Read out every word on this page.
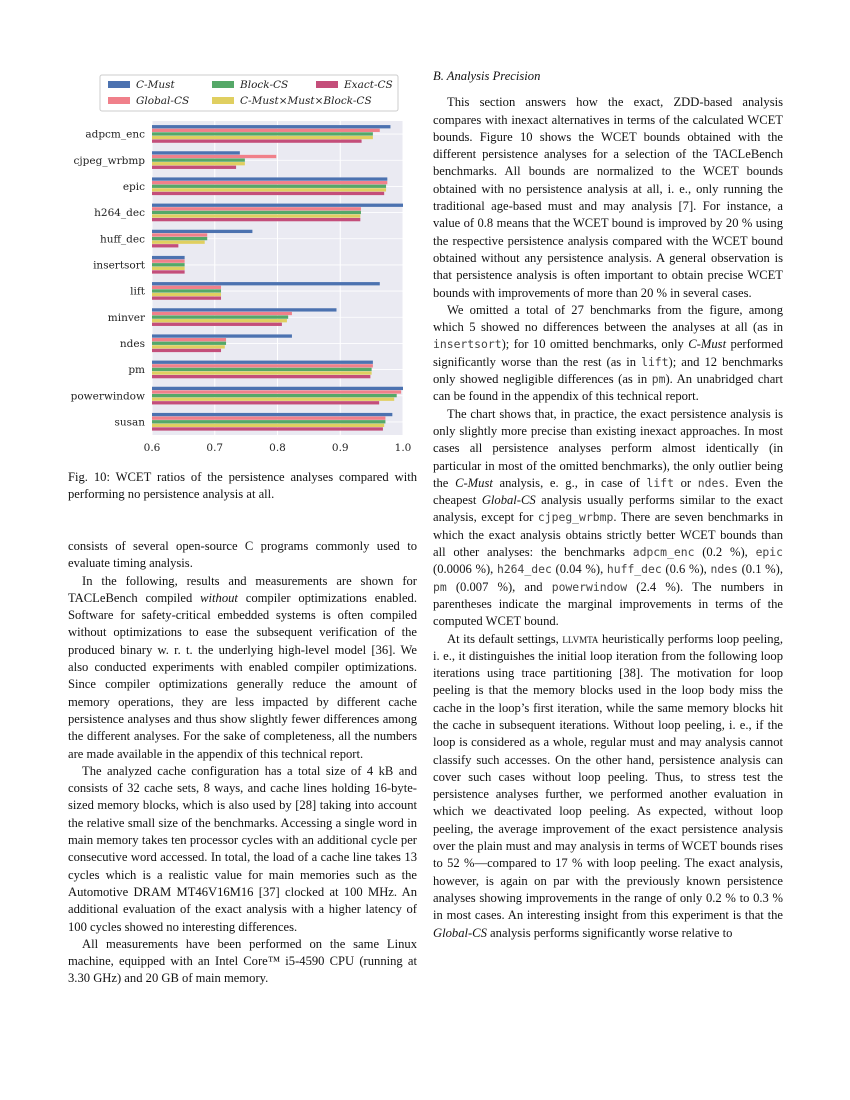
C-Must
Global-CS
Block-CS
C-Must×Must×Block-CS
Exact-CS
0.6	0.7	0.8	0.9	1.0
adpcm_enc
cjpeg_wrbmp
epic
h264_dec
huff_dec
insertsort
lift
minver
ndes
pm
powerwindow
susan
Fig. 10: WCET ratios of the persistence analyses compared with performing no persistence analysis at all.

consists of several open-source C programs commonly used to evaluate timing analysis.

In the following, results and measurements are shown for TACLeBench compiled without compiler optimizations enabled. Software for safety-critical embedded systems is often compiled without optimizations to ease the subsequent verification of the produced binary w. r. t. the underlying high-level model [36]. We also conducted experiments with enabled compiler optimizations. Since compiler optimizations generally reduce the amount of memory operations, they are less impacted by different cache persistence analyses and thus show slightly fewer differences among the different analyses. For the sake of completeness, all the numbers are made available in the appendix of this technical report.

The analyzed cache configuration has a total size of 4 kB and consists of 32 cache sets, 8 ways, and cache lines holding 16-byte-sized memory blocks, which is also used by [28] taking into account the relative small size of the benchmarks. Accessing a single word in main memory takes ten processor cycles with an additional cycle per consecutive word accessed. In total, the load of a cache line takes 13 cycles which is a realistic value for main memories such as the Automotive DRAM MT46V16M16 [37] clocked at 100 MHz. An additional evaluation of the exact analysis with a higher latency of 100 cycles showed no interesting differences.

All measurements have been performed on the same Linux machine, equipped with an Intel Core™ i5-4590 CPU (running at 3.30 GHz) and 20 GB of main memory.

B. Analysis Precision

This section answers how the exact, ZDD-based analysis compares with inexact alternatives in terms of the calculated WCET bounds. Figure 10 shows the WCET bounds obtained with the different persistence analyses for a selection of the TACLeBench benchmarks. All bounds are normalized to the WCET bounds obtained with no persistence analysis at all, i. e., only running the traditional age-based must and may analysis [7]. For instance, a value of 0.8 means that the WCET bound is improved by 20 % using the respective persistence analysis compared with the WCET bound obtained without any persistence analysis. A general observation is that persistence analysis is often important to obtain precise WCET bounds with improvements of more than 20 % in several cases.

We omitted a total of 27 benchmarks from the figure, among which 5 showed no differences between the analyses at all (as in insertsort); for 10 omitted benchmarks, only C-Must performed significantly worse than the rest (as in lift); and 12 benchmarks only showed negligible differences (as in pm). An unabridged chart can be found in the appendix of this technical report.

The chart shows that, in practice, the exact persistence analysis is only slightly more precise than existing inexact approaches. In most cases all persistence analyses perform almost identically (in particular in most of the omitted benchmarks), the only outlier being the C-Must analysis, e. g., in case of lift or ndes. Even the cheapest Global-CS analysis usually performs similar to the exact analysis, except for cjpeg_wrbmp. There are seven benchmarks in which the exact analysis obtains strictly better WCET bounds than all other analyses: the benchmarks adpcm_enc (0.2 %), epic (0.0006 %), h264_dec (0.04 %), huff_dec (0.6 %), ndes (0.1 %), pm (0.007 %), and powerwindow (2.4 %). The numbers in parentheses indicate the marginal improvements in terms of the computed WCET bound.

At its default settings, llvmta heuristically performs loop peeling, i. e., it distinguishes the initial loop iteration from the following loop iterations using trace partitioning [38]. The motivation for loop peeling is that the memory blocks used in the loop body miss the cache in the loop’s first iteration, while the same memory blocks hit the cache in subsequent iterations. Without loop peeling, i. e., if the loop is considered as a whole, regular must and may analysis cannot classify such accesses. On the other hand, persistence analysis can cover such cases without loop peeling. Thus, to stress test the persistence analyses further, we performed another evaluation in which we deactivated loop peeling. As expected, without loop peeling, the average improvement of the exact persistence analysis over the plain must and may analysis in terms of WCET bounds rises to 52 %—compared to 17 % with loop peeling. The exact analysis, however, is again on par with the previously known persistence analyses showing improvements in the range of only 0.2 % to 0.3 % in most cases. An interesting insight from this experiment is that the Global-CS analysis performs significantly worse relative to
